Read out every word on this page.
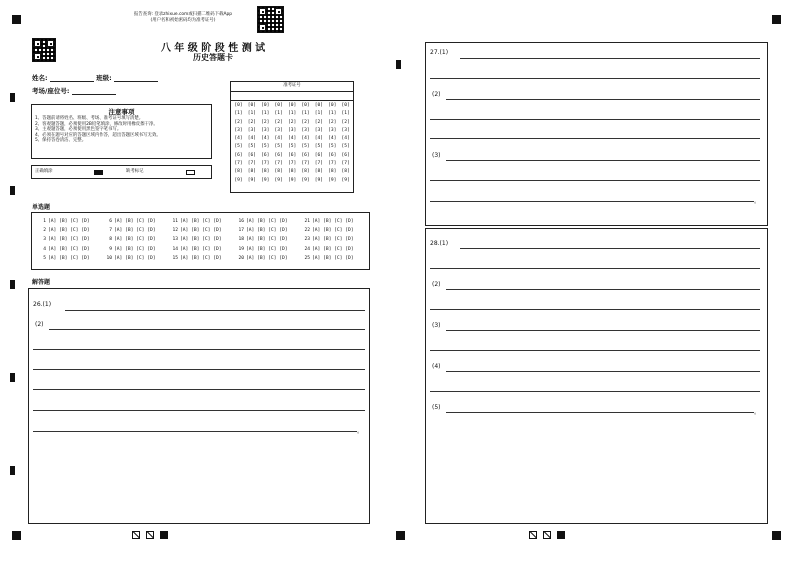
报告查询: 登录zhixue.com或扫描二维码下载App
(用户名和初始密码均为准考证号)
八 年 级 阶 段 性 测 试
历史答题卡
姓名:	班级:
考场/座位号:
准考证号
[0]
[1]
[2]
[3]
[4]
[5]
[6]
[7]
[8]
[9]
[0]
[1]
[2]
[3]
[4]
[5]
[6]
[7]
[8]
[9]
[0]
[1]
[2]
[3]
[4]
[5]
[6]
[7]
[8]
[9]
[0]
[1]
[2]
[3]
[4]
[5]
[6]
[7]
[8]
[9]
[0]
[1]
[2]
[3]
[4]
[5]
[6]
[7]
[8]
[9]
[0]
[1]
[2]
[3]
[4]
[5]
[6]
[7]
[8]
[9]
[0]
[1]
[2]
[3]
[4]
[5]
[6]
[7]
[8]
[9]
[0]
[1]
[2]
[3]
[4]
[5]
[6]
[7]
[8]
[9]
[0]
[1]
[2]
[3]
[4]
[5]
[6]
[7]
[8]
[9]
注意事项
1、答题前请将姓名、班级、考场、准考证号填写清楚。
2、客观题答题，必须使用2B铅笔填涂，修改时用橡皮擦干净。
3、主观题答题，必须使用黑色签字笔书写。
4、必须在题号对应的答题区域内作答，超出答题区域书写无效。
5、保持答卷清洁、完整。
正确填涂	缺考标记
单选题
1 [A] [B] [C] [D]
2 [A] [B] [C] [D]
3 [A] [B] [C] [D]
4 [A] [B] [C] [D]
5 [A] [B] [C] [D]
6 [A] [B] [C] [D]
7 [A] [B] [C] [D]
8 [A] [B] [C] [D]
9 [A] [B] [C] [D]
10 [A] [B] [C] [D]
11 [A] [B] [C] [D]
12 [A] [B] [C] [D]
13 [A] [B] [C] [D]
14 [A] [B] [C] [D]
15 [A] [B] [C] [D]
16 [A] [B] [C] [D]
17 [A] [B] [C] [D]
18 [A] [B] [C] [D]
19 [A] [B] [C] [D]
20 [A] [B] [C] [D]
21 [A] [B] [C] [D]
22 [A] [B] [C] [D]
23 [A] [B] [C] [D]
24 [A] [B] [C] [D]
25 [A] [B] [C] [D]
解答题
26.(1)
(2)
。
27.(1)
(2)
(3)
。
28.(1)
(2)
(3)
(4)
(5)
。
